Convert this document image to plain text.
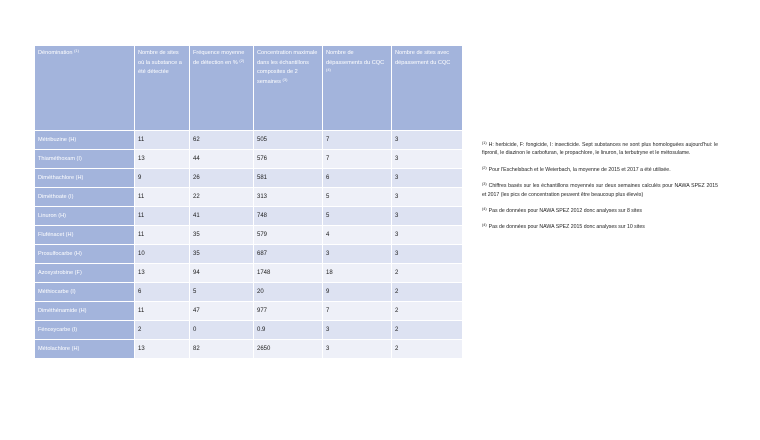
Dénomination $^{(1)}$	Nombre de sites où la substance a été détectée	Fréquence moyenne de détection en % $^{(2)}$	Concentration maximale dans les échantillons composites de 2 semaines $^{(3)}$	Nombre de dépassements du CQC $^{(4)}$	Nombre de sites avec dépassement du CQC
Métribuzine (H)	11	62	505	7	3
Thiaméthoxam (I)	13	44	576	7	3
Diméthachlore (H)	9	26	581	6	3
Diméthoate (I)	11	22	313	5	3
Linuron (H)	11	41	748	5	3
Flufénacet (H)	11	35	579	4	3
Prosulfocarbe (H)	10	35	687	3	3
Azoxystrobine (F)	13	94	1748	18	2
Méthiocarbe (I)	6	5	20	9	2
Diméthénamide (H)	11	47	977	7	2
Fénoxycarbe (I)	2	0	0.9	3	2
Métolachlore (H)	13	82	2650	3	2

$^{(1)}$ H: herbicide, F: fongicide, I: insecticide. Sept substances ne sont plus homologuées aujourd'hui: le fipronil, le diazinon le carbofuran, le propachlore, le linuron, la terbutryne et le métosulame.

$^{(2)}$ Pour l'Eschelsbach et le Weierbach, la moyenne de 2015 et 2017 a été utilisée.

$^{(3)}$ Chiffres basés sur les échantillons moyennés sur deux semaines calculés pour NAWA SPEZ 2015 et 2017 (les pics de concentration peuvent être beaucoup plus élevés)

$^{(4)}$ Pas de données pour NAWA SPEZ 2012 donc analyses sur 8 sites

$^{(4)}$ Pas de données pour NAWA SPEZ 2015 donc analyses sur 10 sites
